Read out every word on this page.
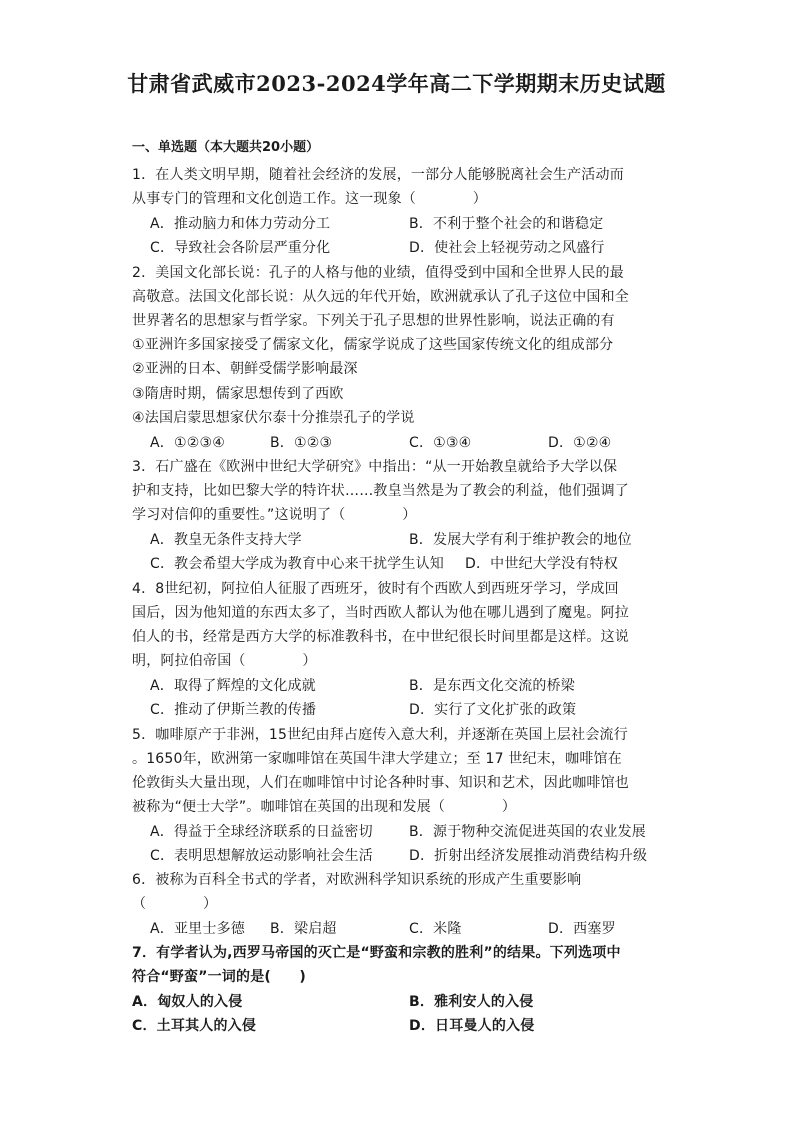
甘肃省武威市2023-2024学年高二下学期期末历史试题
一、单选题（本大题共20小题）
1．在人类文明早期，随着社会经济的发展，一部分人能够脱离社会生产活动而
从事专门的管理和文化创造工作。这一现象（　　　　）
A．推动脑力和体力劳动分工	B．不利于整个社会的和谐稳定
C．导致社会各阶层严重分化	D．使社会上轻视劳动之风盛行
2．美国文化部长说：孔子的人格与他的业绩，值得受到中国和全世界人民的最
高敬意。法国文化部长说：从久远的年代开始，欧洲就承认了孔子这位中国和全
世界著名的思想家与哲学家。下列关于孔子思想的世界性影响，说法正确的有
①亚洲许多国家接受了儒家文化，儒家学说成了这些国家传统文化的组成部分
②亚洲的日本、朝鲜受儒学影响最深
③隋唐时期，儒家思想传到了西欧
④法国启蒙思想家伏尔泰十分推崇孔子的学说
A．①②③④	B．①②③	C．①③④	D．①②④
3．石广盛在《欧洲中世纪大学研究》中指出：“从一开始教皇就给予大学以保
护和支持，比如巴黎大学的特许状……教皇当然是为了教会的利益，他们强调了
学习对信仰的重要性。”这说明了（　　　　）
A．教皇无条件支持大学	B．发展大学有利于维护教会的地位
C．教会希望大学成为教育中心来干扰学生认知 D．中世纪大学没有特权
4．8世纪初，阿拉伯人征服了西班牙，彼时有个西欧人到西班牙学习，学成回
国后，因为他知道的东西太多了，当时西欧人都认为他在哪儿遇到了魔鬼。阿拉
伯人的书，经常是西方大学的标准教科书，在中世纪很长时间里都是这样。这说
明，阿拉伯帝国（　　　　）
A．取得了辉煌的文化成就	B．是东西文化交流的桥梁
C．推动了伊斯兰教的传播	D．实行了文化扩张的政策
5．咖啡原产于非洲，15世纪由拜占庭传入意大利，并逐渐在英国上层社会流行
。1650年，欧洲第一家咖啡馆在英国牛津大学建立；至 17 世纪末，咖啡馆在
伦敦街头大量出现，人们在咖啡馆中讨论各种时事、知识和艺术，因此咖啡馆也
被称为“便士大学”。咖啡馆在英国的出现和发展（　　　　）
A．得益于全球经济联系的日益密切	B．源于物种交流促进英国的农业发展
C．表明思想解放运动影响社会生活	D．折射出经济发展推动消费结构升级
6．被称为百科全书式的学者，对欧洲科学知识系统的形成产生重要影响
（　　　　）
A．亚里士多德 B．梁启超	C．米隆	D．西塞罗
7．有学者认为,西罗马帝国的灭亡是“野蛮和宗教的胜利”的结果。下列选项中
符合“野蛮”一词的是(　　)
A．匈奴人的入侵	B．雅利安人的入侵
C．土耳其人的入侵	D．日耳曼人的入侵
